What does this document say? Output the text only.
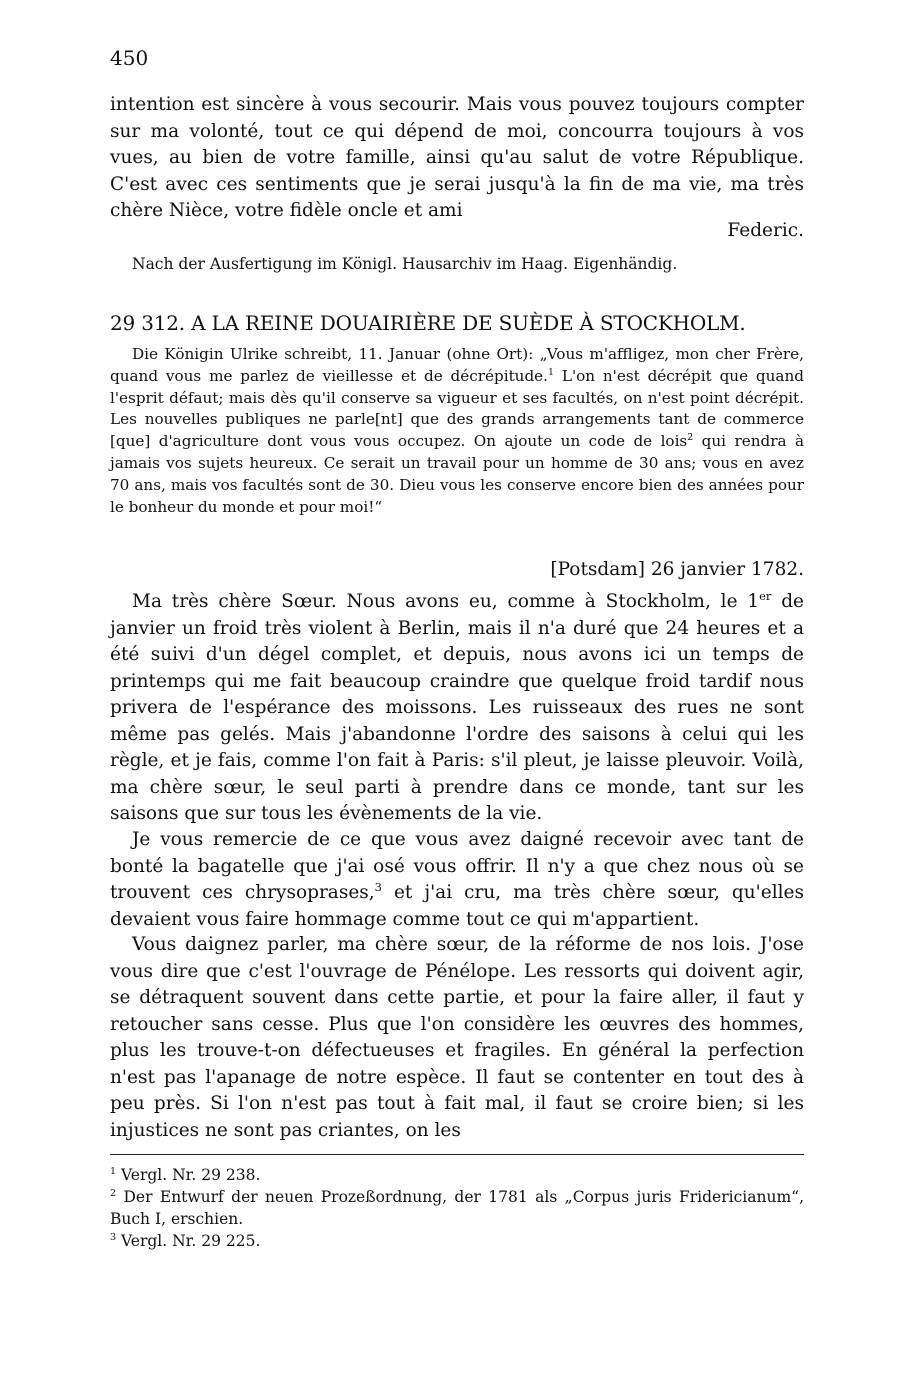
450

intention est sincère à vous secourir. Mais vous pouvez toujours compter sur ma volonté, tout ce qui dépend de moi, concourra toujours à vos vues, au bien de votre famille, ainsi qu'au salut de votre République. C'est avec ces sentiments que je serai jusqu'à la fin de ma vie, ma très chère Nièce, votre fidèle oncle et ami

Federic.

Nach der Ausfertigung im Königl. Hausarchiv im Haag. Eigenhändig.

29 312. A LA REINE DOUAIRIÈRE DE SUÈDE À STOCKHOLM.

Die Königin Ulrike schreibt, 11. Januar (ohne Ort): „Vous m'affligez, mon cher Frère, quand vous me parlez de vieillesse et de décrépitude.$^1$ L'on n'est décrépit que quand l'esprit défaut; mais dès qu'il conserve sa vigueur et ses facultés, on n'est point décrépit. Les nouvelles publiques ne parle[nt] que des grands arrangements tant de commerce [que] d'agriculture dont vous vous occupez. On ajoute un code de lois$^2$ qui rendra à jamais vos sujets heureux. Ce serait un travail pour un homme de 30 ans; vous en avez 70 ans, mais vos facultés sont de 30. Dieu vous les conserve encore bien des années pour le bonheur du monde et pour moi!“

[Potsdam] 26 janvier 1782.

Ma très chère Sœur. Nous avons eu, comme à Stockholm, le 1er de janvier un froid très violent à Berlin, mais il n'a duré que 24 heures et a été suivi d'un dégel complet, et depuis, nous avons ici un temps de printemps qui me fait beaucoup craindre que quelque froid tardif nous privera de l'espérance des moissons. Les ruisseaux des rues ne sont même pas gelés. Mais j'abandonne l'ordre des saisons à celui qui les règle, et je fais, comme l'on fait à Paris: s'il pleut, je laisse pleuvoir. Voilà, ma chère sœur, le seul parti à prendre dans ce monde, tant sur les saisons que sur tous les évènements de la vie.

Je vous remercie de ce que vous avez daigné recevoir avec tant de bonté la bagatelle que j'ai osé vous offrir. Il n'y a que chez nous où se trouvent ces chrysoprases,$^3$ et j'ai cru, ma très chère sœur, qu'elles devaient vous faire hommage comme tout ce qui m'appartient.

Vous daignez parler, ma chère sœur, de la réforme de nos lois. J'ose vous dire que c'est l'ouvrage de Pénélope. Les ressorts qui doivent agir, se détraquent souvent dans cette partie, et pour la faire aller, il faut y retoucher sans cesse. Plus que l'on considère les œuvres des hommes, plus les trouve-t-on défectueuses et fragiles. En général la perfection n'est pas l'apanage de notre espèce. Il faut se contenter en tout des à peu près. Si l'on n'est pas tout à fait mal, il faut se croire bien; si les injustices ne sont pas criantes, on les

$^1$ Vergl. Nr. 29 238.
$^2$ Der Entwurf der neuen Prozeßordnung, der 1781 als „Corpus juris Fridericianum“, Buch I, erschien.
$^3$ Vergl. Nr. 29 225.
